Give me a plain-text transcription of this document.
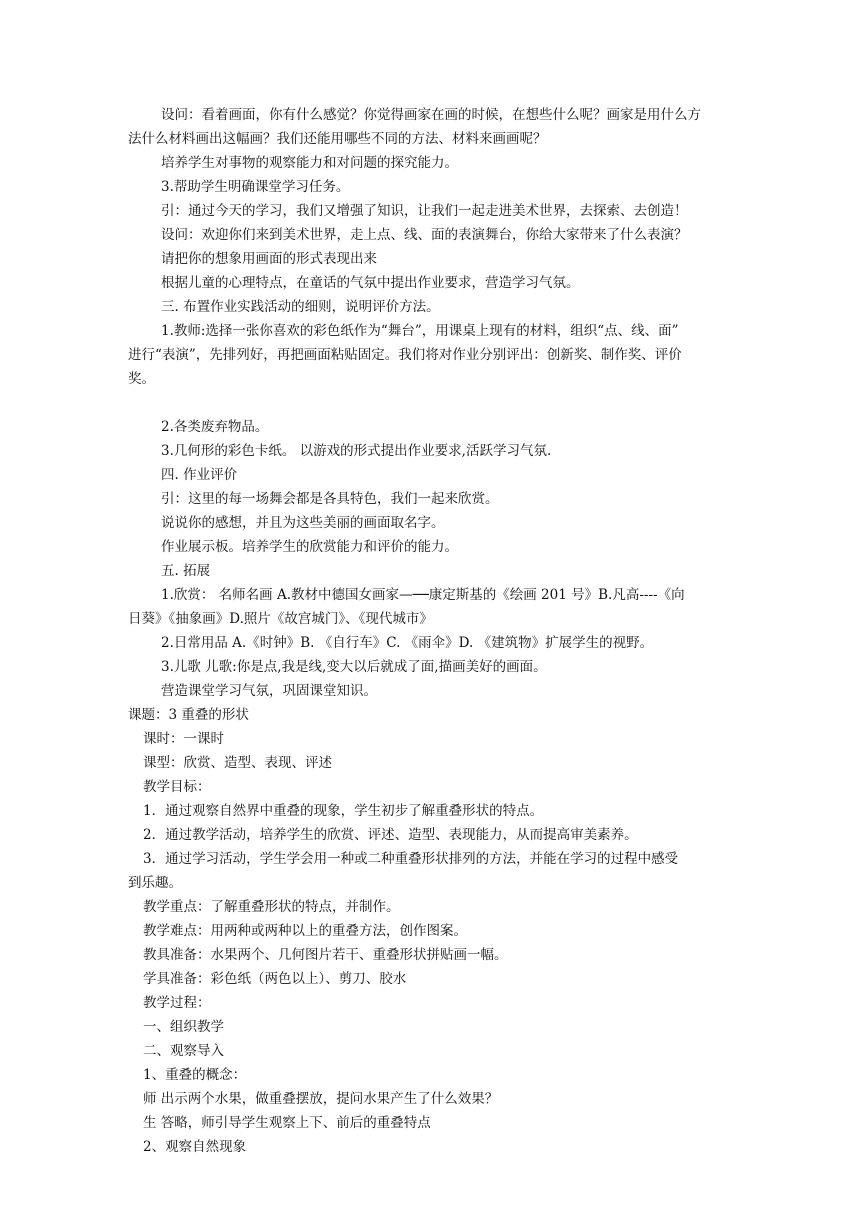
设问：看着画面，你有什么感觉？你觉得画家在画的时候，在想些什么呢？画家是用什么方
法什么材料画出这幅画？我们还能用哪些不同的方法、材料来画画呢？
培养学生对事物的观察能力和对问题的探究能力。
3.帮助学生明确课堂学习任务。
引：通过今天的学习，我们又增强了知识，让我们一起走进美术世界，去探索、去创造！
设问：欢迎你们来到美术世界，走上点、线、面的表演舞台，你给大家带来了什么表演？
请把你的想象用画面的形式表现出来
根据儿童的心理特点，在童话的气氛中提出作业要求，营造学习气氛。
三. 布置作业实践活动的细则，说明评价方法。
1.教师:选择一张你喜欢的彩色纸作为“舞台”，用课桌上现有的材料，组织“点、线、面”
进行“表演”，先排列好，再把画面粘贴固定。我们将对作业分别评出：创新奖、制作奖、评价
奖。
2.各类废弃物品。
3.几何形的彩色卡纸。 以游戏的形式提出作业要求,活跃学习气氛.
四. 作业评价
引：这里的每一场舞会都是各具特色，我们一起来欣赏。
说说你的感想，并且为这些美丽的画面取名字。
作业展示板。培养学生的欣赏能力和评价的能力。
五. 拓展
1.欣赏： 名师名画 A.教材中德国女画家—──康定斯基的《绘画 201 号》B.凡高----《向
日葵》《抽象画》D.照片《故宫城门》、《现代城市》
2.日常用品 A.《时钟》B. 《自行车》C. 《雨伞》D. 《建筑物》扩展学生的视野。
3.儿歌 儿歌:你是点,我是线,变大以后就成了面,描画美好的画面。
营造课堂学习气氛，巩固课堂知识。
课题：3 重叠的形状
课时：一课时
课型：欣赏、造型、表现、评述
教学目标：
1．通过观察自然界中重叠的现象，学生初步了解重叠形状的特点。
2．通过教学活动，培养学生的欣赏、评述、造型、表现能力，从而提高审美素养。
3．通过学习活动，学生学会用一种或二种重叠形状排列的方法，并能在学习的过程中感受
到乐趣。
教学重点：了解重叠形状的特点，并制作。
教学难点：用两种或两种以上的重叠方法，创作图案。
教具准备：水果两个、几何图片若干、重叠形状拼贴画一幅。
学具准备：彩色纸（两色以上）、剪刀、胶水
教学过程：
一、组织教学
二、观察导入
1、重叠的概念：
师 出示两个水果，做重叠摆放，提问水果产生了什么效果？
生 答略，师引导学生观察上下、前后的重叠特点
2、观察自然现象
